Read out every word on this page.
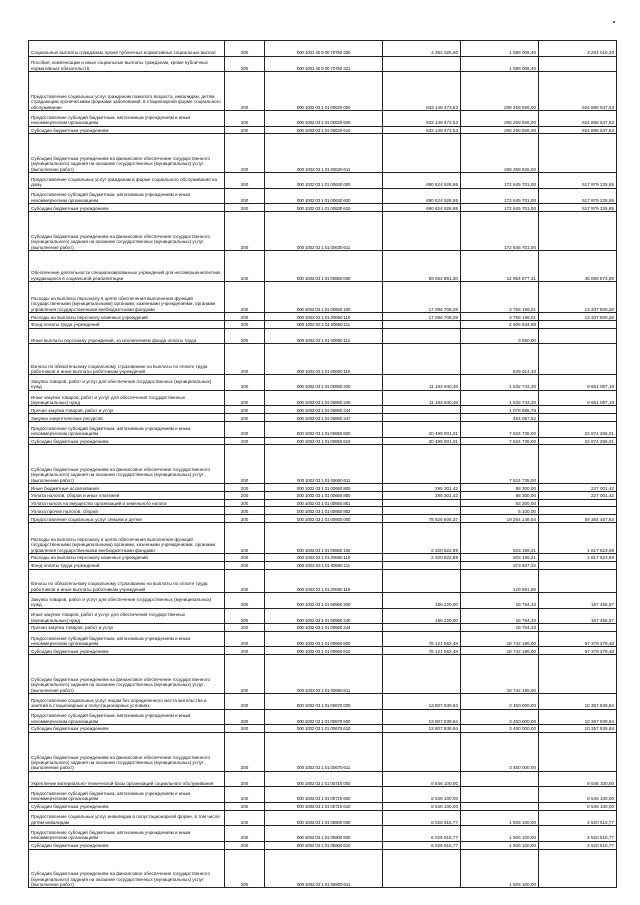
Социальные выплаты гражданам, кроме публичных нормативных социальных выплат	200	000 1001 40 9 00 70750 320	4 352 025,60	1 088 006,40	3 264 019,20
Пособия, компенсации и иные социальные выплаты гражданам, кроме публичных нормативных обязательств	200	000 1001 40 9 00 70750 321		1 088 006,40	
Предоставление социальных услуг гражданам пожилого возраста, инвалидам, детям, страдающим хроническими формами заболеваний, в стационарной форме социального обслуживания	200	000 1002 03 1 01 00620 000	833 148 473,53	208 259 926,00	624 888 547,53
Предоставление субсидий бюджетным, автономным учреждениям и иным некоммерческим организациям	200	000 1002 03 1 01 00620 600	833 148 473,53	208 259 926,00	624 888 547,53
Субсидии бюджетным учреждениям	200	000 1002 03 1 01 00620 610	833 148 473,53	208 259 926,00	624 888 547,53
Субсидии бюджетным учреждениям на финансовое обеспечение государственного (муниципального) задания на оказание государственных (муниципальных) услуг (выполнение работ)	200	000 1002 03 1 01 00620 611		208 259 926,00	
Предоставление социальных услуг гражданам в форме социального обслуживания на дому	200	000 1002 03 1 01 00630 000	690 624 926,95	172 645 701,00	517 979 225,95
Предоставление субсидий бюджетным, автономным учреждениям и иным некоммерческим организациям	200	000 1002 03 1 01 00630 600	690 624 926,95	172 645 701,00	517 979 225,95
Субсидии бюджетным учреждениям	200	000 1002 03 1 01 00630 610	690 624 926,95	172 645 701,00	517 979 225,95
Субсидии бюджетным учреждениям на финансовое обеспечение государственного (муниципального) задания на оказание государственных (муниципальных) услуг (выполнение работ)	200	000 1002 03 1 01 00630 611		172 645 701,00	
Обеспечение деятельности специализированных учреждений для несовершеннолетних, нуждающихся в социальной реабилитации	200	000 1002 03 1 01 00650 000	59 054 851,20	12 954 977,31	46 099 873,89
Расходы на выплаты персоналу в целях обеспечения выполнения функций государственными (муниципальными) органами, казенными учреждениями, органами управления государственными внебюджетными фондами	200	000 1002 03 1 01 00650 100	17 096 708,29	3 759 199,01	13 337 509,28
Расходы на выплаты персоналу казенных учреждений	200	000 1002 03 1 01 00650 110	17 096 708,29	3 759 199,01	13 337 509,28
Фонд оплаты труда учреждений	200	000 1002 03 1 01 00650 111		2 906 534,68	
Иные выплаты персоналу учреждений, за исключением фонда оплаты труда	200	000 1002 03 1 01 00650 112		3 650,00	
Взносы по обязательному социальному страхованию на выплаты по оплате труда работников и иные выплаты работникам учреждений	200	000 1002 03 1 01 00650 119		849 014,33	
Закупка товаров, работ и услуг для обеспечения государственных (муниципальных) нужд	200	000 1002 03 1 01 00650 200	11 183 840,48	1 532 743,30	9 651 097,18
Иные закупки товаров, работ и услуг для обеспечения государственных (муниципальных) нужд	200	000 1002 03 1 01 00650 240	11 183 840,48	1 532 743,30	9 651 097,18
Прочая закупка товаров, работ и услуг	200	000 1002 03 1 01 00650 244		1 078 685,78	
Закупка энергетических ресурсов	200	000 1002 03 1 01 00650 247		454 057,52	
Предоставление субсидий бюджетным, автономным учреждениям и иным некоммерческим организациям	200	000 1002 03 1 01 00650 600	30 499 001,01	7 624 735,00	22 874 266,01
Субсидии бюджетным учреждениям	200	000 1002 03 1 01 00650 610	30 499 001,01	7 624 735,00	22 874 266,01
Субсидии бюджетным учреждениям на финансовое обеспечение государственного (муниципального) задания на оказание государственных (муниципальных) услуг (выполнение работ)	200	000 1002 03 1 01 00650 611		7 624 735,00	
Иные бюджетные ассигнования	200	000 1002 03 1 01 00650 800	295 301,42	68 300,00	227 001,42
Уплата налогов, сборов и иных платежей	200	000 1002 03 1 01 00650 850	295 301,42	68 300,00	227 001,42
Уплата налога на имущество организаций и земельного налога	200	000 1002 03 1 01 00650 851		63 200,00	
Уплата прочих налогов, сборов	200	000 1002 03 1 01 00650 852		5 100,00	
Предоставление социальных услуг семьям и детям	200	000 1002 03 1 01 00660 000	78 628 605,37	19 264 148,54	59 364 457,83
Расходы на выплаты персоналу в целях обеспечения выполнения функций государственными (муниципальными) органами, казенными учреждениями, органами управления государственными внебюджетными фондами	200	000 1002 03 1 01 00660 100	2 320 822,89	503 199,21	1 817 623,68
Расходы на выплаты персоналу казенных учреждений	200	000 1002 03 1 01 00660 110	2 320 822,89	503 199,21	1 817 623,68
Фонд оплаты труда учреждений	200	000 1002 03 1 01 00660 111		373 507,22	
Взносы по обязательному социальному страхованию на выплаты по оплате труда работников и иные выплаты работникам учреждений	200	000 1002 03 1 01 00660 119		129 691,99	
Закупка товаров, работ и услуг для обеспечения государственных (муниципальных) нужд	200	000 1002 03 1 01 00660 200	186 220,00	18 764,33	167 455,67
Иные закупки товаров, работ и услуг для обеспечения государственных (муниципальных) нужд	200	000 1002 03 1 01 00660 240	186 220,00	18 764,33	167 455,67
Прочая закупка товаров, работ и услуг	200	000 1002 03 1 01 00660 244		18 764,33	
Предоставление субсидий бюджетным, автономным учреждениям и иным некоммерческим организациям	200	000 1002 03 1 01 00660 600	76 121 562,48	18 742 185,00	57 379 378,48
Субсидии бюджетным учреждениям	200	000 1002 03 1 01 00660 610	76 121 562,48	18 742 185,00	57 379 378,48
Субсидии бюджетным учреждениям на финансовое обеспечение государственного (муниципального) задания на оказание государственных (муниципальных) услуг (выполнение работ)	200	000 1002 03 1 01 00660 611		18 742 185,00	
Предоставление социальных услуг лицам без определенного места жительства и занятий в стационарных и полустационарных условиях	200	000 1002 03 1 01 00670 000	13 807 939,84	3 450 000,00	10 357 939,84
Предоставление субсидий бюджетным, автономным учреждениям и иным некоммерческим организациям	200	000 1002 03 1 01 00670 600	13 807 939,84	3 450 000,00	10 357 939,84
Субсидии бюджетным учреждениям	200	000 1002 03 1 01 00670 610	13 807 939,84	3 450 000,00	10 357 939,84
Субсидии бюджетным учреждениям на финансовое обеспечение государственного (муниципального) задания на оказание государственных (муниципальных) услуг (выполнение работ)	200	000 1002 03 1 01 00670 611		3 450 000,00	
Укрепление материально-технической базы организаций социального обслуживания	200	000 1002 03 1 01 00710 000	8 546 100,00		8 546 100,00
Предоставление субсидий бюджетным, автономным учреждениям и иным некоммерческим организациям	200	000 1002 03 1 01 00710 600	8 546 100,00		8 546 100,00
Субсидии бюджетным учреждениям	200	000 1002 03 1 01 00710 610	8 546 100,00		8 546 100,00
Предоставление социальных услуг инвалидам в полустационарной форме, в том числе детям-инвалидам	200	000 1002 03 1 01 05900 000	6 026 615,77	1 506 100,00	4 520 515,77
Предоставление субсидий бюджетным, автономным учреждениям и иным некоммерческим организациям	200	000 1002 03 1 01 05900 600	6 026 615,77	1 506 100,00	4 520 515,77
Субсидии бюджетным учреждениям	200	000 1002 03 1 01 05900 610	6 026 615,77	1 506 100,00	4 520 515,77
Субсидии бюджетным учреждениям на финансовое обеспечение государственного (муниципального) задания на оказание государственных (муниципальных) услуг (выполнение работ)	200	000 1002 03 1 01 05900 611		1 506 100,00	
